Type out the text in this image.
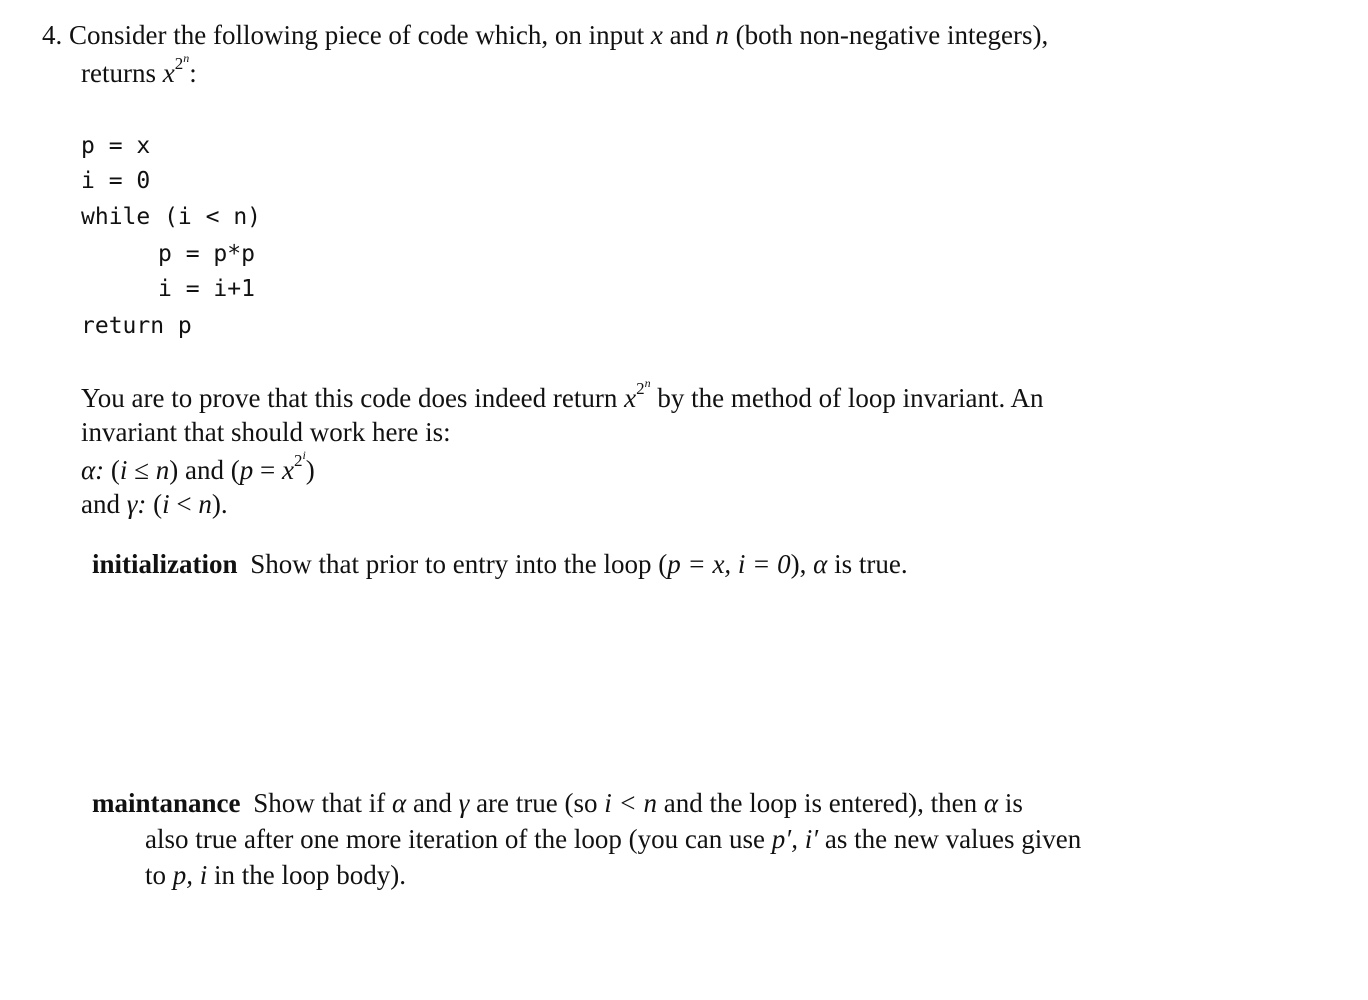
4. Consider the following piece of code which, on input x and n (both non-negative integers),
returns $x^{2^n}$:
p = x
i = 0
while (i < n)
p = p*p
i = i+1
return p
You are to prove that this code does indeed return $x^{2^n}$ by the method of loop invariant. An
invariant that should work here is:
α: (i ≤ n) and $(p = x^{2^i})$
and γ: (i < n).
initialization Show that prior to entry into the loop (p = x, i = 0), α is true.
maintanance Show that if α and γ are true (so i < n and the loop is entered), then α is
also true after one more iteration of the loop (you can use p′, i′ as the new values given
to p, i in the loop body).
